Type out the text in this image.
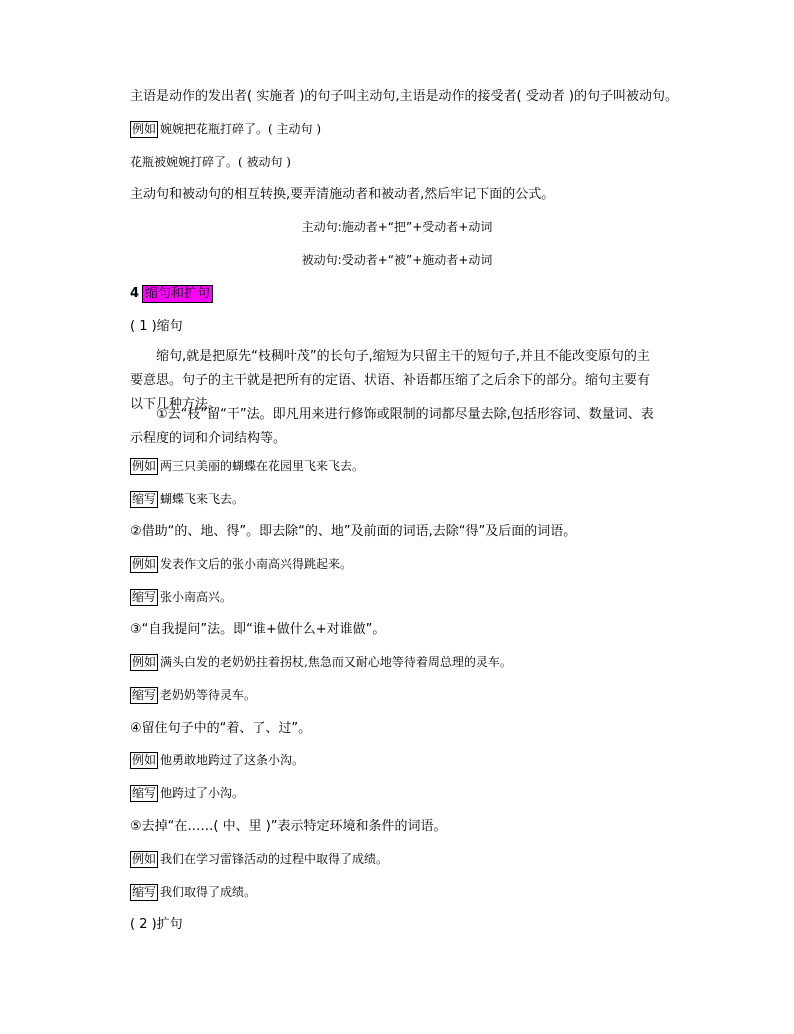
主语是动作的发出者( 实施者 )的句子叫主动句,主语是动作的接受者( 受动者 )的句子叫被动句。
例如 婉婉把花瓶打碎了。( 主动句 )
花瓶被婉婉打碎了。( 被动句 )
主动句和被动句的相互转换,要弄清施动者和被动者,然后牢记下面的公式。
主动句:施动者+“把”+受动者+动词
被动句:受动者+“被”+施动者+动词
4 缩句和扩句
( 1 )缩句
缩句,就是把原先“枝稠叶茂”的长句子,缩短为只留主干的短句子,并且不能改变原句的主要意思。句子的主干就是把所有的定语、状语、补语都压缩了之后余下的部分。缩句主要有以下几种方法。
①去“枝”留“干”法。即凡用来进行修饰或限制的词都尽量去除,包括形容词、数量词、表示程度的词和介词结构等。
例如 两三只美丽的蝴蝶在花园里飞来飞去。
缩写 蝴蝶飞来飞去。
②借助“的、地、得”。即去除“的、地”及前面的词语,去除“得”及后面的词语。
例如 发表作文后的张小南高兴得跳起来。
缩写 张小南高兴。
③“自我提问”法。即“谁+做什么+对谁做”。
例如 满头白发的老奶奶拄着拐杖,焦急而又耐心地等待着周总理的灵车。
缩写 老奶奶等待灵车。
④留住句子中的“着、了、过”。
例如 他勇敢地跨过了这条小沟。
缩写 他跨过了小沟。
⑤去掉“在……( 中、里 )”表示特定环境和条件的词语。
例如 我们在学习雷锋活动的过程中取得了成绩。
缩写 我们取得了成绩。
( 2 )扩句
